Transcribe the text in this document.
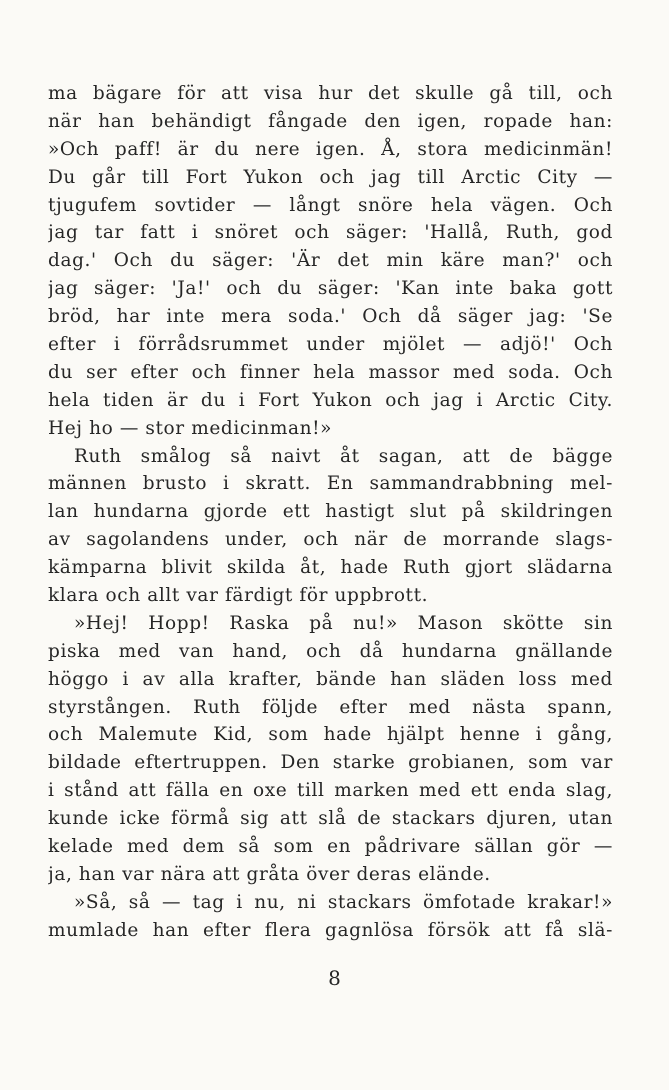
ma bägare för att visa hur det skulle gå till, och
när han behändigt fångade den igen, ropade han:
»Och paff! är du nere igen. Å, stora medicinmän!
Du går till Fort Yukon och jag till Arctic City —
tjugufem sovtider — långt snöre hela vägen. Och
jag tar fatt i snöret och säger: 'Hallå, Ruth, god
dag.' Och du säger: 'Är det min käre man?' och
jag säger: 'Ja!' och du säger: 'Kan inte baka gott
bröd, har inte mera soda.' Och då säger jag: 'Se
efter i förrådsrummet under mjölet — adjö!' Och
du ser efter och finner hela massor med soda. Och
hela tiden är du i Fort Yukon och jag i Arctic City.
Hej ho — stor medicinman!»
Ruth smålog så naivt åt sagan, att de bägge
männen brusto i skratt. En sammandrabbning mel-
lan hundarna gjorde ett hastigt slut på skildringen
av sagolandens under, och när de morrande slags-
kämparna blivit skilda åt, hade Ruth gjort slädarna
klara och allt var färdigt för uppbrott.
»Hej! Hopp! Raska på nu!» Mason skötte sin
piska med van hand, och då hundarna gnällande
höggo i av alla krafter, bände han släden loss med
styrstången. Ruth följde efter med nästa spann,
och Malemute Kid, som hade hjälpt henne i gång,
bildade eftertruppen. Den starke grobianen, som var
i stånd att fälla en oxe till marken med ett enda slag,
kunde icke förmå sig att slå de stackars djuren, utan
kelade med dem så som en pådrivare sällan gör —
ja, han var nära att gråta över deras elände.
»Så, så — tag i nu, ni stackars ömfotade krakar!»
mumlade han efter flera gagnlösa försök att få slä-
8
